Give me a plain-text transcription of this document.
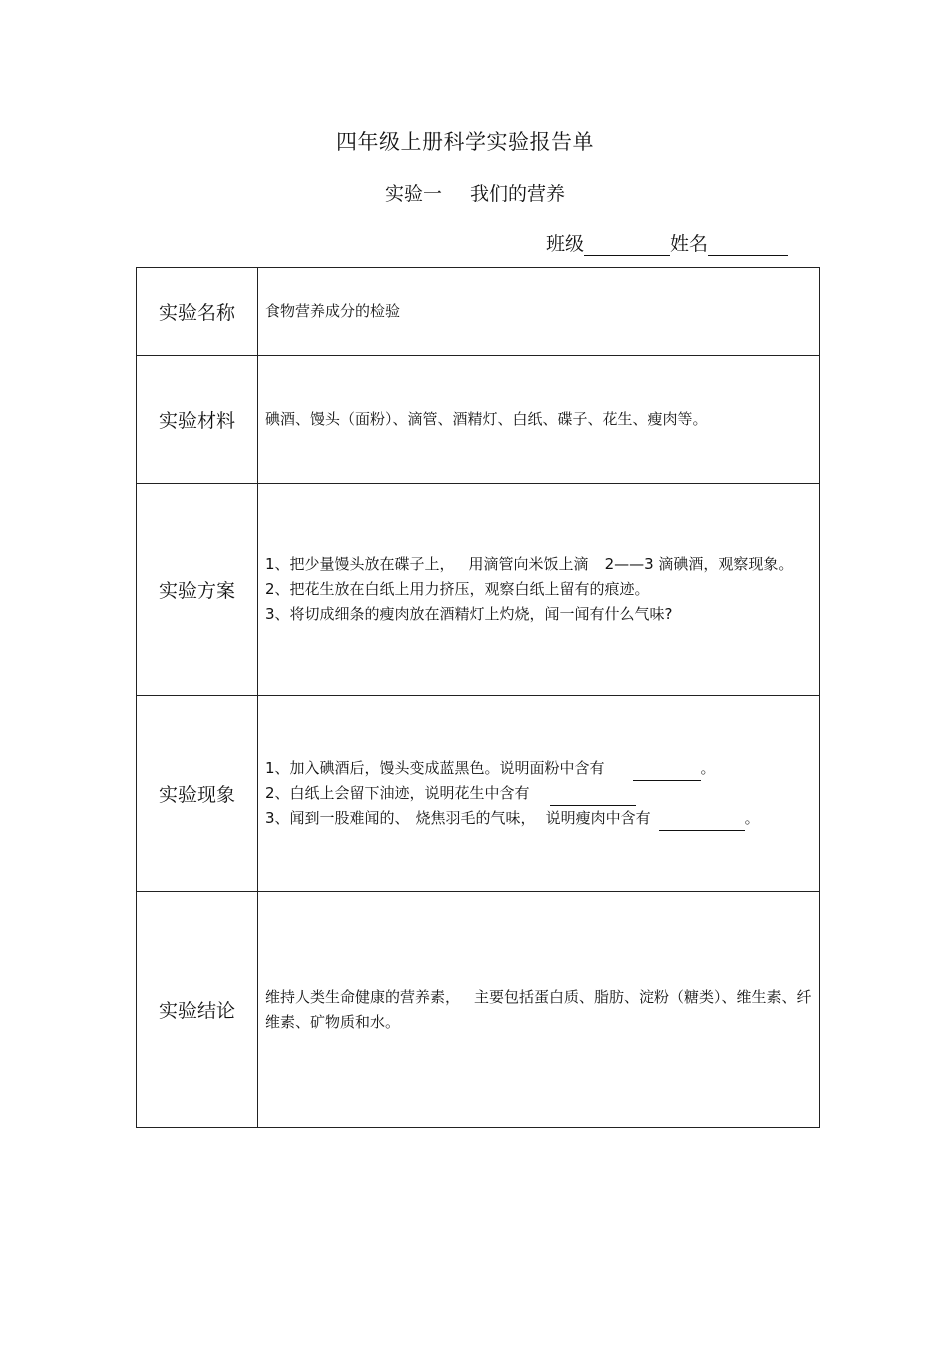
四年级上册科学实验报告单
实验一 我们的营养
班级	姓名
实验名称	食物营养成分的检验
实验材料	碘酒、馒头（面粉）、滴管、酒精灯、白纸、碟子、花生、瘦肉等。
实验方案	1、把少量馒头放在碟子上， 用滴管向米饭上滴 2——3 滴碘酒，观察现象。
2、把花生放在白纸上用力挤压，观察白纸上留有的痕迹。
3、将切成细条的瘦肉放在酒精灯上灼烧，闻一闻有什么气味?

实验现象	1、加入碘酒后，馒头变成蓝黑色。说明面粉中含有 。
2、白纸上会留下油迹，说明花生中含有
3、闻到一股难闻的、 烧焦羽毛的气味， 说明瘦肉中含有 。

实验结论	维持人类生命健康的营养素， 主要包括蛋白质、脂肪、淀粉（糖类）、维生素、纤维素、矿物质和水。
